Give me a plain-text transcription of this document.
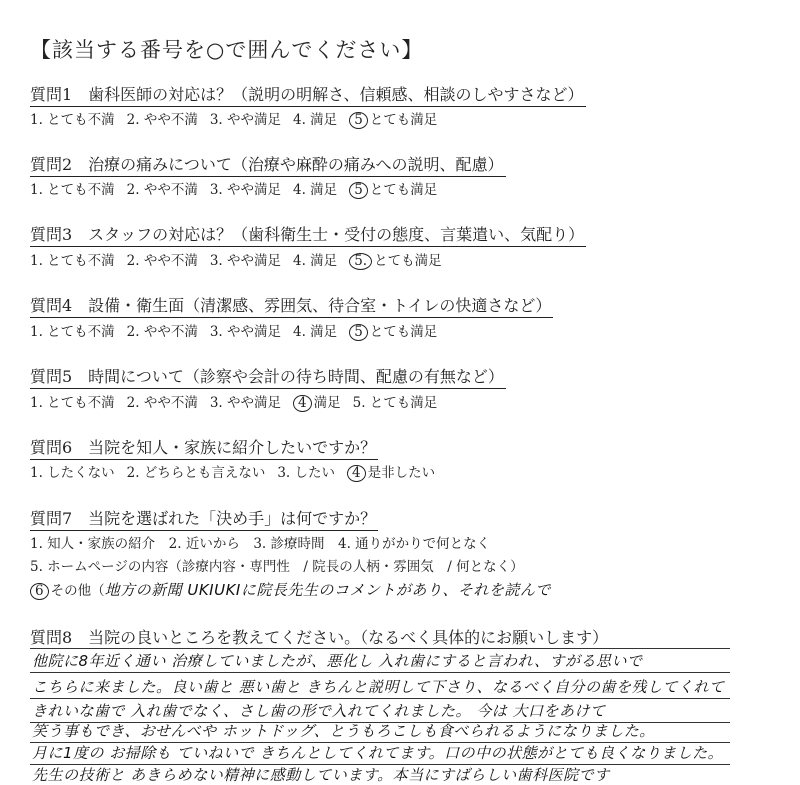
【該当する番号を○で囲んでください】
質問1　歯科医師の対応は？（説明の明解さ、信頼感、相談のしやすさなど）
1. とても不満 2. やや不満 3. やや満足 4. 満足 5 とても満足
質問2　治療の痛みについて（治療や麻酔の痛みへの説明、配慮）
1. とても不満 2. やや不満 3. やや満足 4. 満足 5 とても満足
質問3　スタッフの対応は？（歯科衛生士・受付の態度、言葉遣い、気配り）
1. とても不満 2. やや不満 3. やや満足 4. 満足 5. とても満足
質問4　設備・衛生面（清潔感、雰囲気、待合室・トイレの快適さなど）
1. とても不満 2. やや不満 3. やや満足 4. 満足 5 とても満足
質問5　時間について（診察や会計の待ち時間、配慮の有無など）
1. とても不満 2. やや不満 3. やや満足 4 満足 5. とても満足
質問6　当院を知人・家族に紹介したいですか？
1. したくない 2. どちらとも言えない 3. したい 4 是非したい
質問7　当院を選ばれた「決め手」は何ですか？
1. 知人・家族の紹介　2. 近いから　3. 診療時間　4. 通りがかりで何となく
5. ホームページの内容（診療内容・専門性　/ 院長の人柄・雰囲気　/ 何となく）
6 その他（地方の新聞 UKIUKIに院長先生のコメントがあり、それを読んで
質問8　当院の良いところを教えてください。（なるべく具体的にお願いします）
他院に8年近く通い 治療していましたが、悪化し 入れ歯にすると言われ、すがる思いで
こちらに来ました。良い歯と 悪い歯と きちんと説明して下さり、なるべく自分の歯を残してくれて
きれいな歯で 入れ歯でなく、さし歯の形で入れてくれました。 今は 大口をあけて
笑う事もでき、おせんべや ホットドッグ、とうもろこしも食べられるようになりました。
月に1度の お掃除も ていねいで きちんとしてくれてます。口の中の状態がとても良くなりました。
先生の技術と あきらめない精神に感動しています。本当にすばらしい歯科医院です
